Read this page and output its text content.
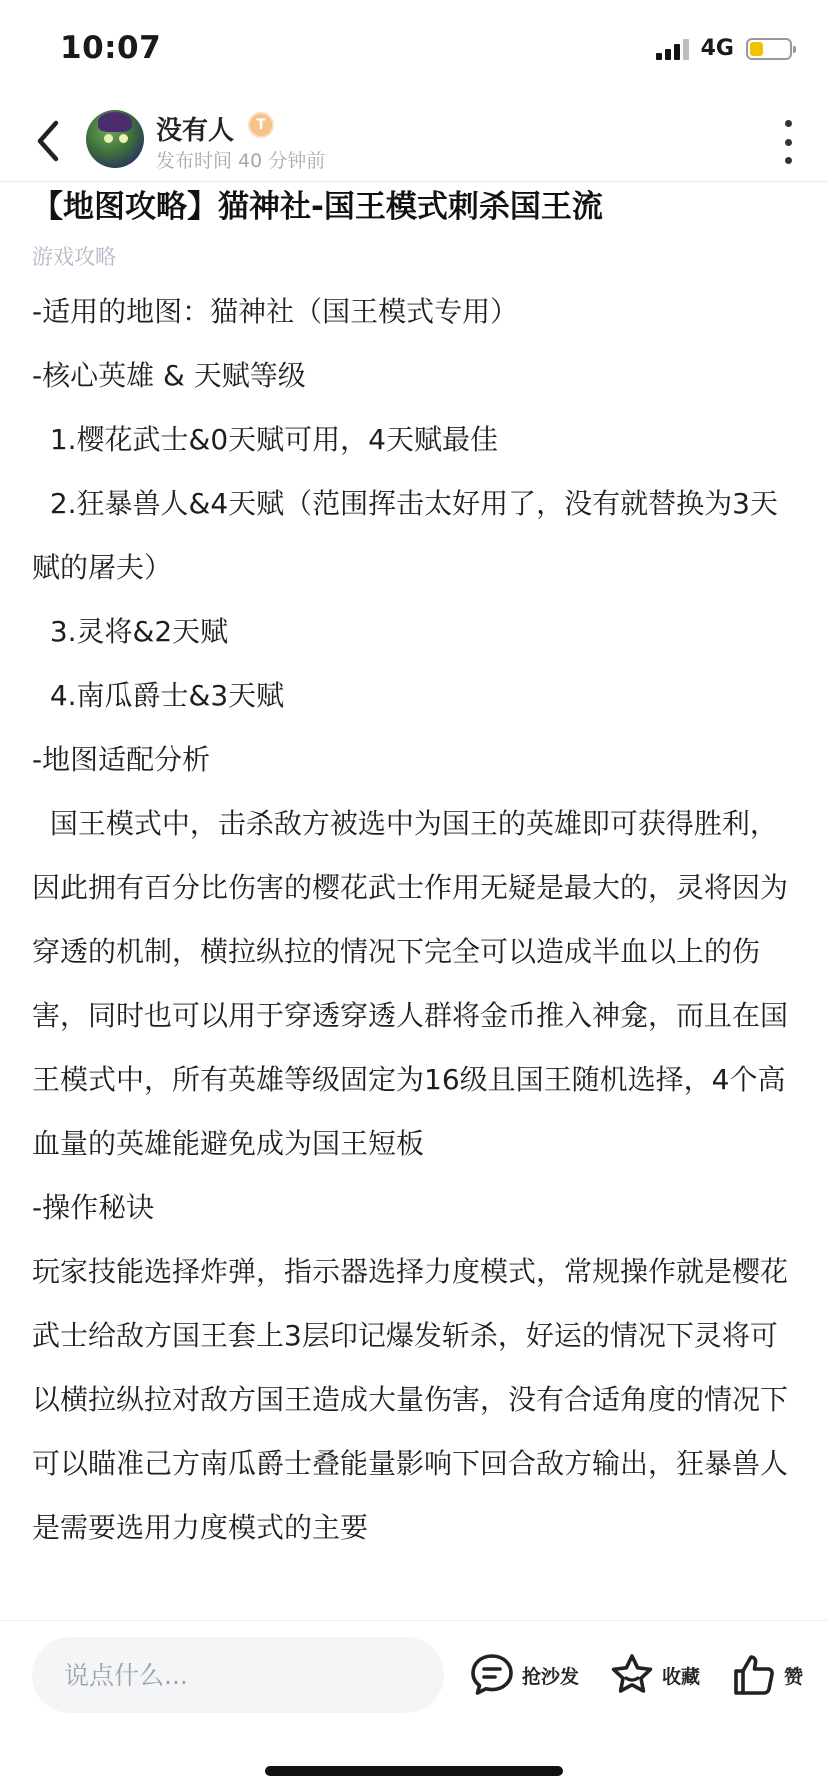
10:07	4G
没有人	T
发布时间 40 分钟前
【地图攻略】猫神社-国王模式刺杀国王流
游戏攻略
-适用的地图：猫神社（国王模式专用）
-核心英雄 & 天赋等级
1.樱花武士&0天赋可用，4天赋最佳
2.狂暴兽人&4天赋（范围挥击太好用了，没有就替换为3天赋的屠夫）
3.灵将&2天赋
4.南瓜爵士&3天赋
-地图适配分析
国王模式中，击杀敌方被选中为国王的英雄即可获得胜利，因此拥有百分比伤害的樱花武士作用无疑是最大的，灵将因为穿透的机制，横拉纵拉的情况下完全可以造成半血以上的伤害，同时也可以用于穿透穿透人群将金币推入神龛，而且在国王模式中，所有英雄等级固定为16级且国王随机选择，4个高血量的英雄能避免成为国王短板
-操作秘诀
玩家技能选择炸弹，指示器选择力度模式，常规操作就是樱花武士给敌方国王套上3层印记爆发斩杀，好运的情况下灵将可以横拉纵拉对敌方国王造成大量伤害，没有合适角度的情况下可以瞄准己方南瓜爵士叠能量影响下回合敌方输出，狂暴兽人是需要选用力度模式的主要
说点什么...
抢沙发	收藏	赞
